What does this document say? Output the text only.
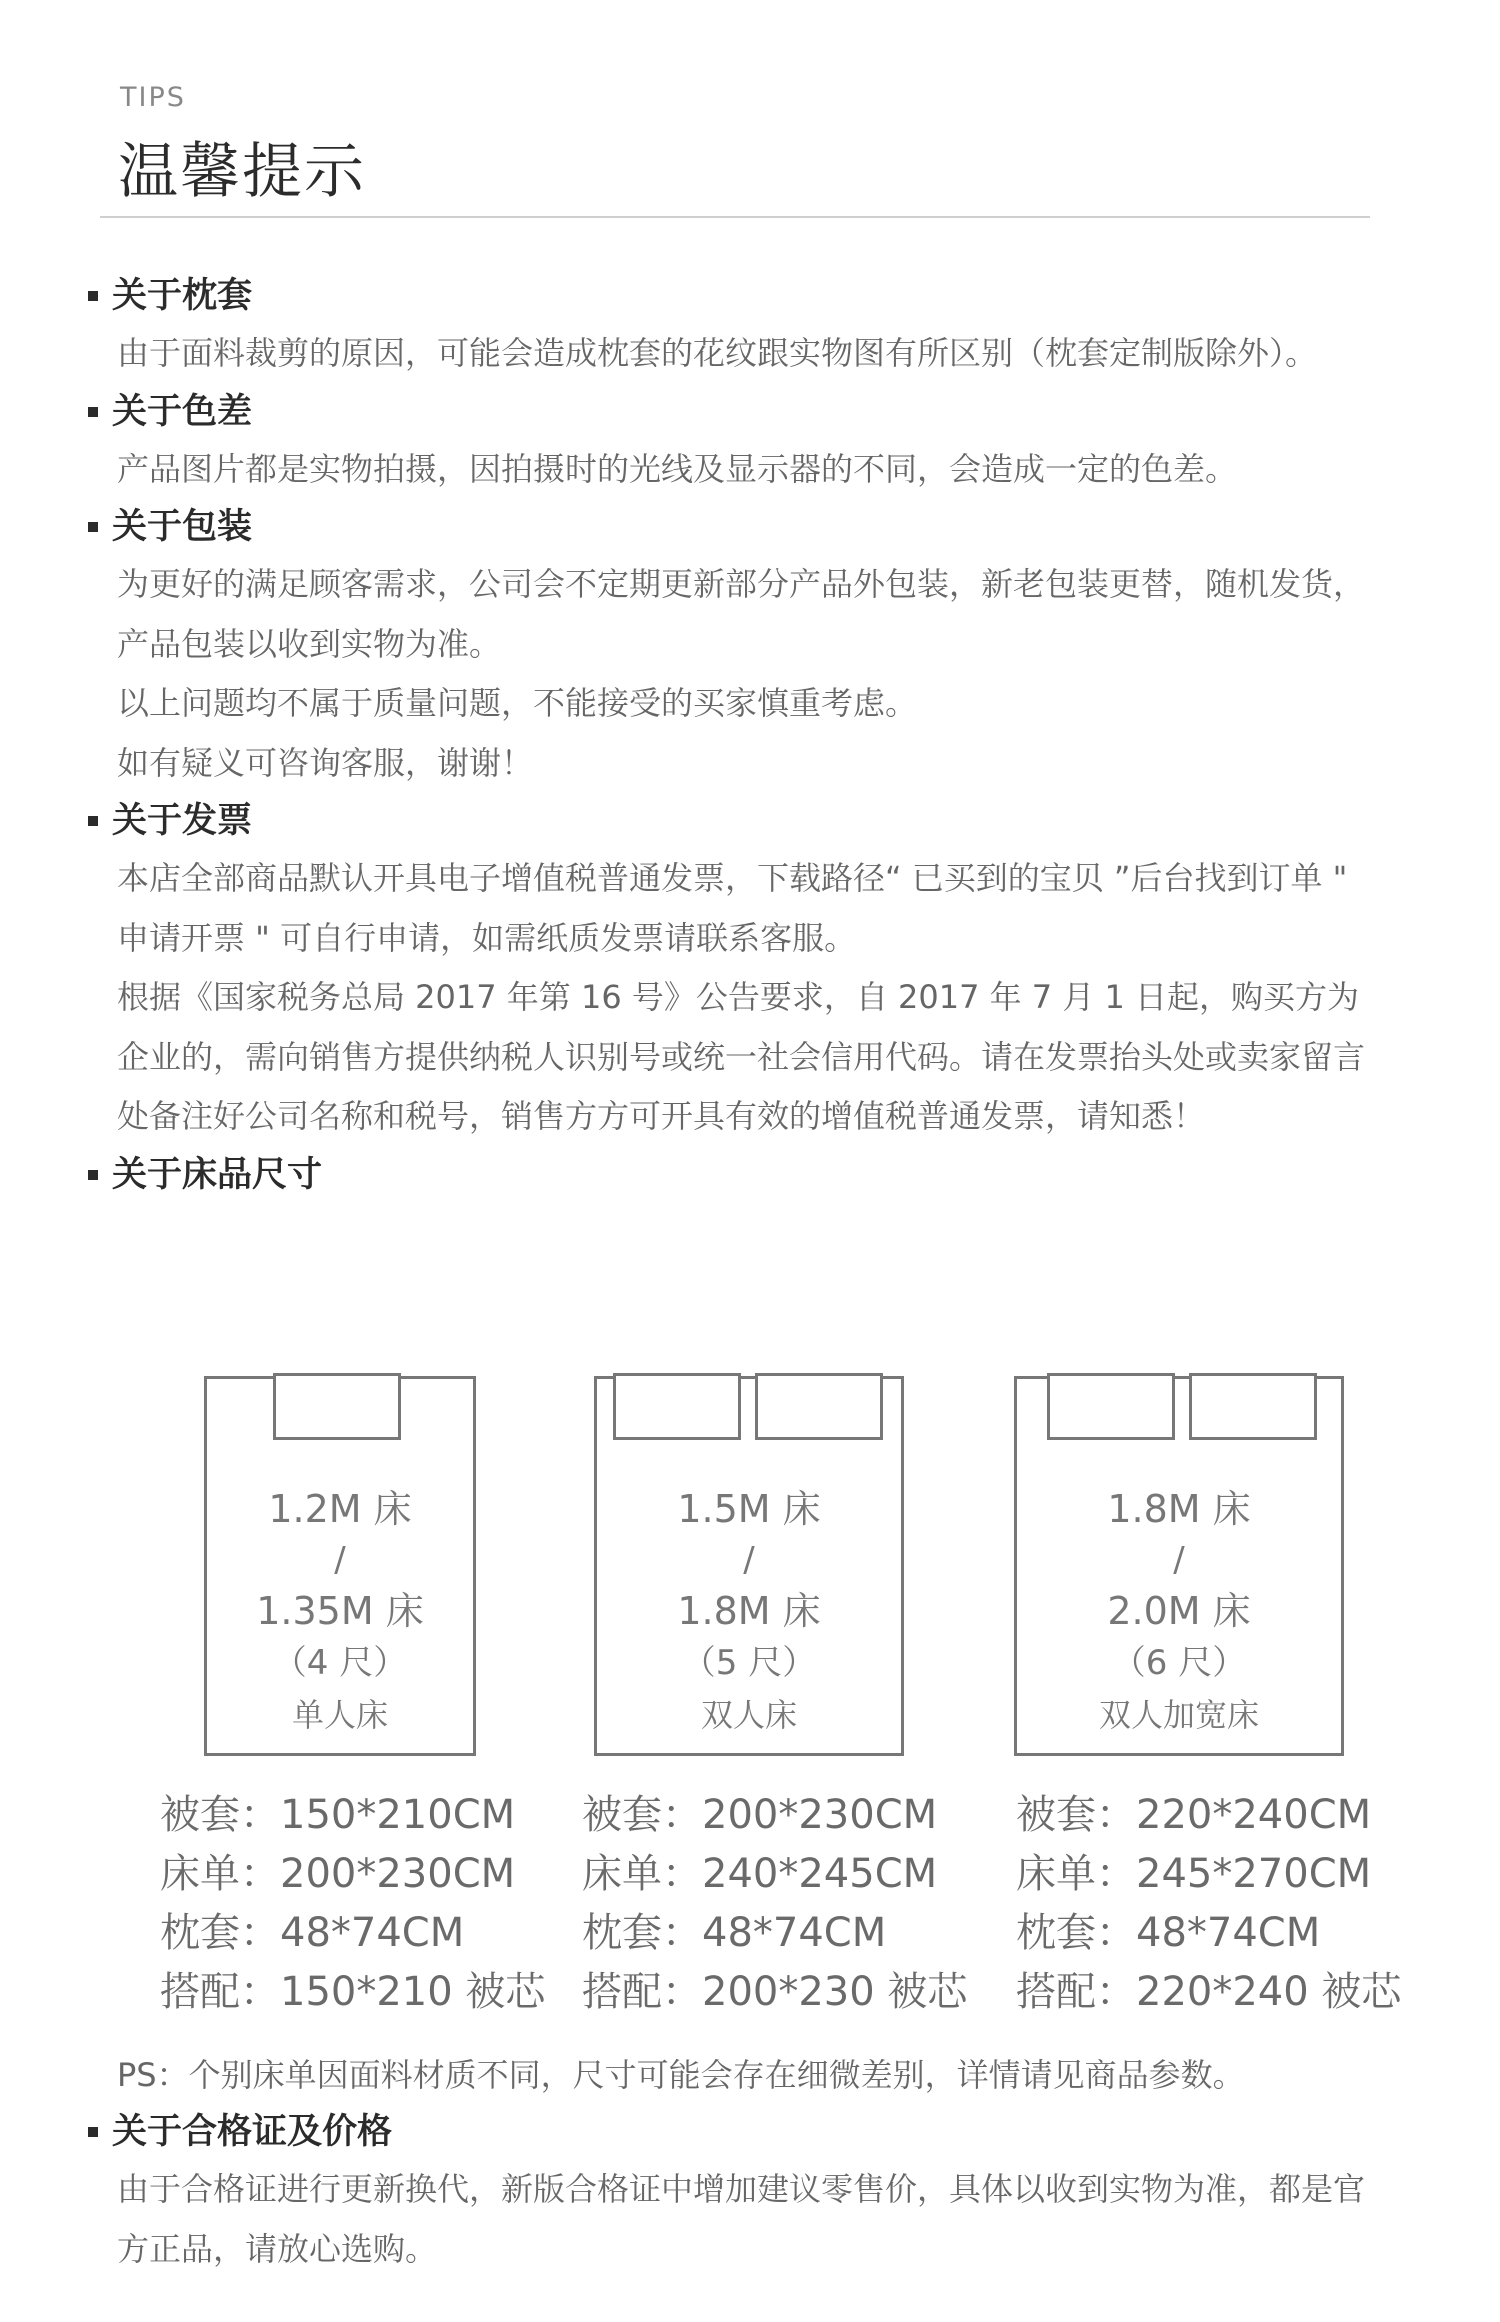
TIPS
温馨提示
关于枕套

由于面料裁剪的原因，可能会造成枕套的花纹跟实物图有所区别（枕套定制版除外）。

关于色差

产品图片都是实物拍摄，因拍摄时的光线及显示器的不同，会造成一定的色差。

关于包装

为更好的满足顾客需求，公司会不定期更新部分产品外包装，新老包装更替，随机发货，产品包装以收到实物为准。

以上问题均不属于质量问题，不能接受的买家慎重考虑。

如有疑义可咨询客服，谢谢！

关于发票

本店全部商品默认开具电子增值税普通发票，下载路径“ 已买到的宝贝 ”后台找到订单 " 申请开票 " 可自行申请，如需纸质发票请联系客服。

根据《国家税务总局 2017 年第 16 号》公告要求，自 2017 年 7 月 1 日起，购买方为企业的，需向销售方提供纳税人识别号或统一社会信用代码。请在发票抬头处或卖家留言处备注好公司名称和税号，销售方方可开具有效的增值税普通发票，请知悉！

关于床品尺寸
1.2M 床
/
1.35M 床
（4 尺）
单人床
1.5M 床
/
1.8M 床
（5 尺）
双人床
1.8M 床
/
2.0M 床
（6 尺）
双人加宽床
被套：150*210CM
床单：200*230CM
枕套：48*74CM
搭配：150*210 被芯
被套：200*230CM
床单：240*245CM
枕套：48*74CM
搭配：200*230 被芯
被套：220*240CM
床单：245*270CM
枕套：48*74CM
搭配：220*240 被芯
PS：个别床单因面料材质不同，尺寸可能会存在细微差别，详情请见商品参数。
关于合格证及价格

由于合格证进行更新换代，新版合格证中增加建议零售价，具体以收到实物为准，都是官方正品，请放心选购。
